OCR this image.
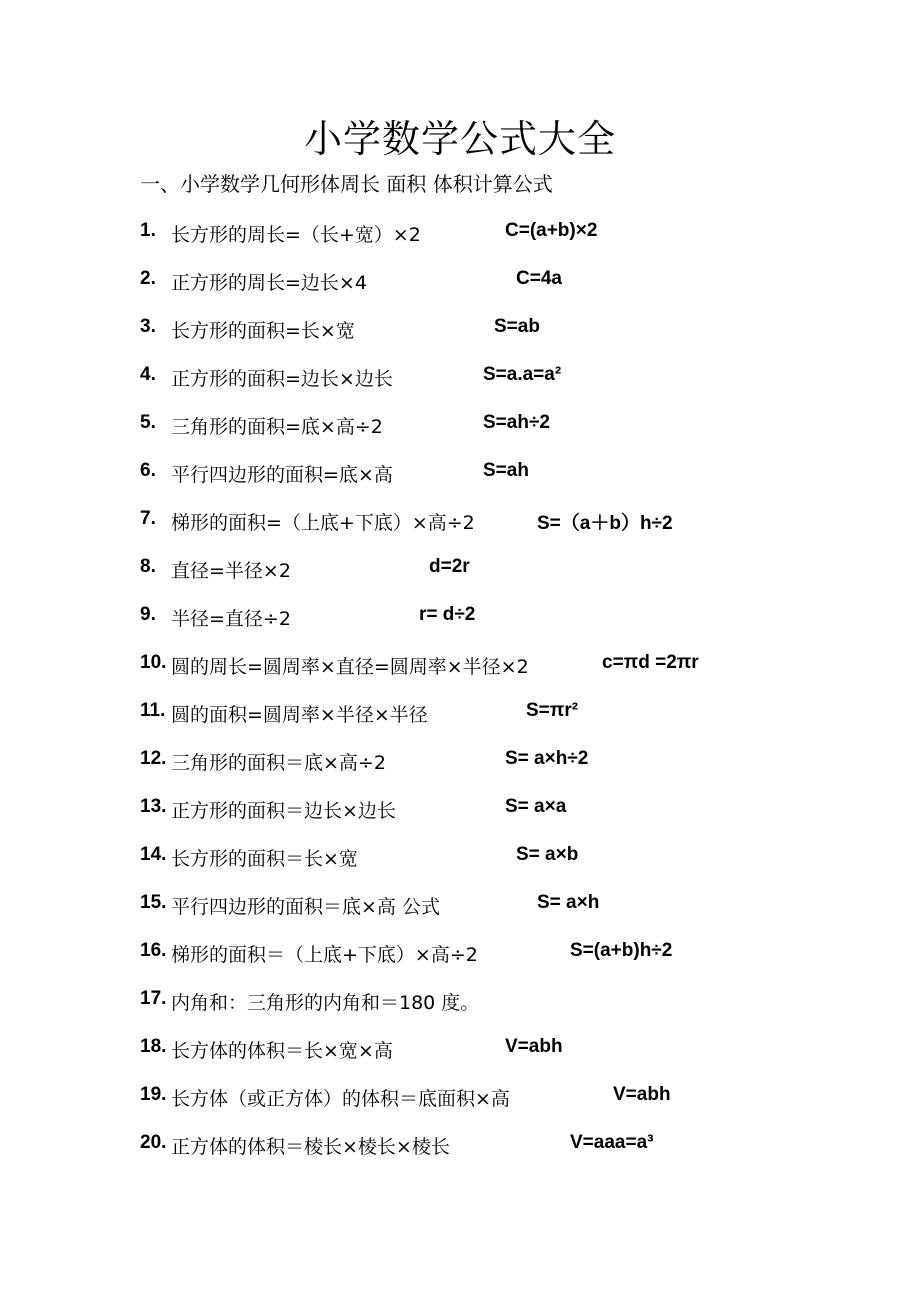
小学数学公式大全

一、小学数学几何形体周长 面积 体积计算公式

1. 长方形的周长=（长+宽）×2	C=(a+b)×2
2. 正方形的周长=边长×4	C=4a
3. 长方形的面积=长×宽	S=ab
4. 正方形的面积=边长×边长	S=a.a=a²
5. 三角形的面积=底×高÷2	S=ah÷2
6. 平行四边形的面积=底×高	S=ah
7. 梯形的面积=（上底+下底）×高÷2	S=（a＋b）h÷2
8. 直径=半径×2	d=2r
9. 半径=直径÷2	r= d÷2
10. 圆的周长=圆周率×直径=圆周率×半径×2	c=πd =2πr
11. 圆的面积=圆周率×半径×半径	S=πr²
12. 三角形的面积＝底×高÷2	S= a×h÷2
13. 正方形的面积＝边长×边长	S= a×a
14. 长方形的面积＝长×宽	S= a×b
15. 平行四边形的面积＝底×高 公式	S= a×h
16. 梯形的面积＝（上底+下底）×高÷2	S=(a+b)h÷2
17. 内角和：三角形的内角和＝180 度。
18. 长方体的体积＝长×宽×高	V=abh
19. 长方体（或正方体）的体积＝底面积×高	V=abh
20. 正方体的体积＝棱长×棱长×棱长	V=aaa=a³
